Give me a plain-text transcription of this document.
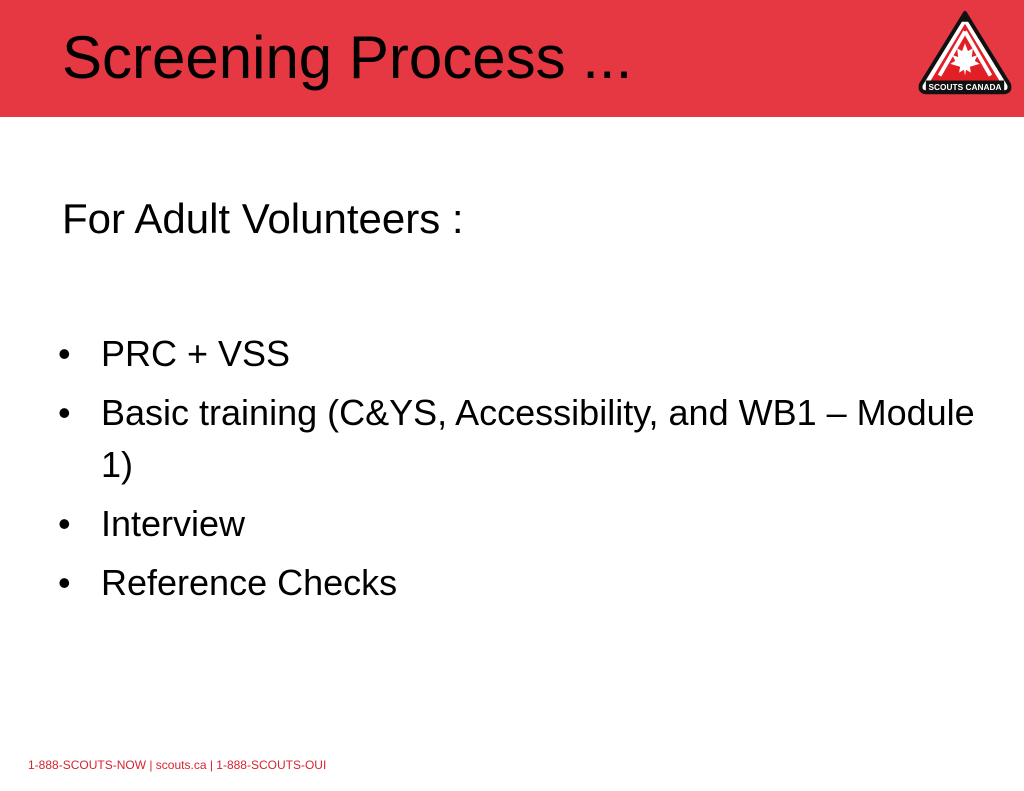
Screening Process ...	SCOUTS CANADA
For Adult Volunteers :
• PRC + VSS
• Basic training (C&YS, Accessibility, and WB1 – Module 1)
• Interview
• Reference Checks
1-888-SCOUTS-NOW | scouts.ca | 1-888-SCOUTS-OUI
